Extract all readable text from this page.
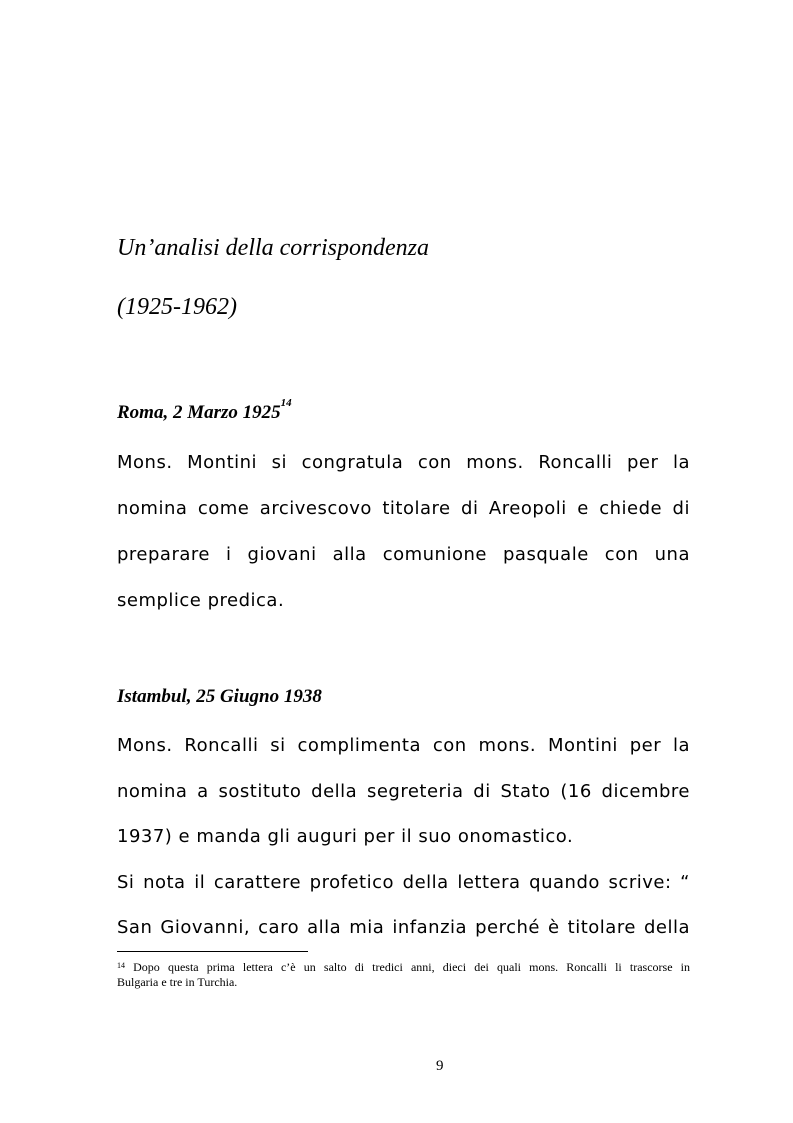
Un’analisi della corrispondenza
(1925-1962)
Roma, 2 Marzo 1925$^{14}$

Mons. Montini si congratula con mons. Roncalli per la

nomina come arcivescovo titolare di Areopoli e chiede di

preparare i giovani alla comunione pasquale con una

semplice predica.

Istambul, 25 Giugno 1938

Mons. Roncalli si complimenta con mons. Montini per la

nomina a sostituto della segreteria di Stato (16 dicembre

1937) e manda gli auguri per il suo onomastico.

Si nota il carattere profetico della lettera quando scrive: “

San Giovanni, caro alla mia infanzia perché è titolare della

$^{14}$ Dopo questa prima lettera c’è un salto di tredici anni, dieci dei quali mons. Roncalli li trascorse in

Bulgaria e tre in Turchia.

9
